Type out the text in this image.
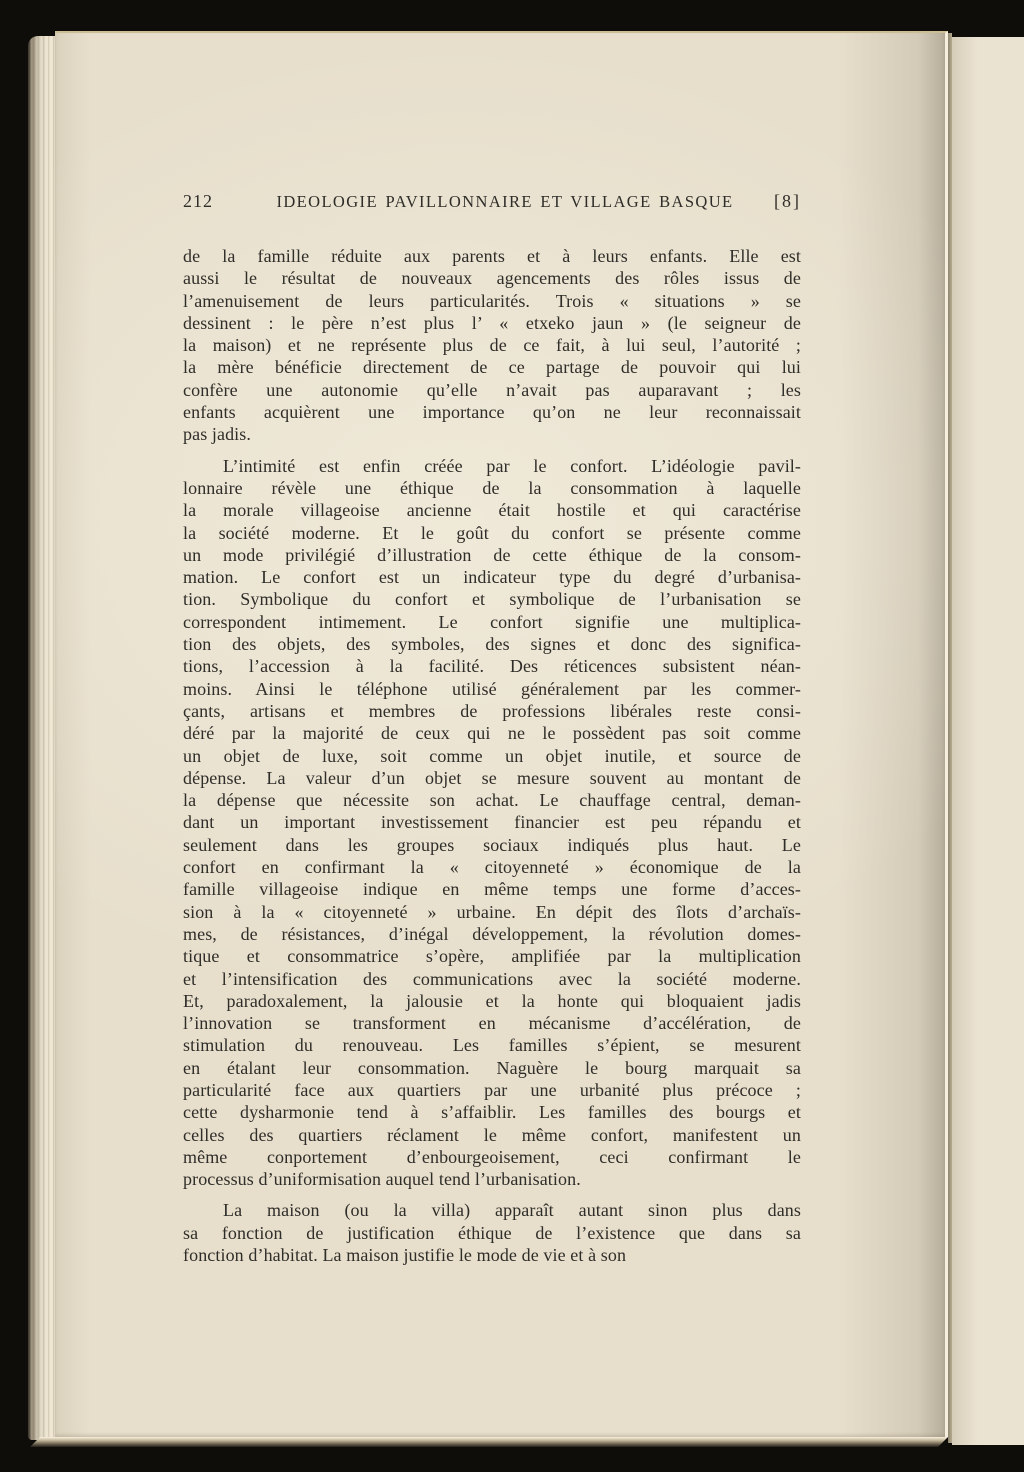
212	IDEOLOGIE PAVILLONNAIRE ET VILLAGE BASQUE	[8]
de la famille réduite aux parents et à leurs enfants. Elle est
aussi le résultat de nouveaux agencements des rôles issus de
l’amenuisement de leurs particularités. Trois « situations » se
dessinent : le père n’est plus l’ « etxeko jaun » (le seigneur de
la maison) et ne représente plus de ce fait, à lui seul, l’autorité ;
la mère bénéficie directement de ce partage de pouvoir qui lui
confère une autonomie qu’elle n’avait pas auparavant ; les
enfants acquièrent une importance qu’on ne leur reconnaissait
pas jadis.
L’intimité est enfin créée par le confort. L’idéologie pavil-
lonnaire révèle une éthique de la consommation à laquelle
la morale villageoise ancienne était hostile et qui caractérise
la société moderne. Et le goût du confort se présente comme
un mode privilégié d’illustration de cette éthique de la consom-
mation. Le confort est un indicateur type du degré d’urbanisa-
tion. Symbolique du confort et symbolique de l’urbanisation se
correspondent intimement. Le confort signifie une multiplica-
tion des objets, des symboles, des signes et donc des significa-
tions, l’accession à la facilité. Des réticences subsistent néan-
moins. Ainsi le téléphone utilisé généralement par les commer-
çants, artisans et membres de professions libérales reste consi-
déré par la majorité de ceux qui ne le possèdent pas soit comme
un objet de luxe, soit comme un objet inutile, et source de
dépense. La valeur d’un objet se mesure souvent au montant de
la dépense que nécessite son achat. Le chauffage central, deman-
dant un important investissement financier est peu répandu et
seulement dans les groupes sociaux indiqués plus haut. Le
confort en confirmant la « citoyenneté » économique de la
famille villageoise indique en même temps une forme d’acces-
sion à la « citoyenneté » urbaine. En dépit des îlots d’archaïs-
mes, de résistances, d’inégal développement, la révolution domes-
tique et consommatrice s’opère, amplifiée par la multiplication
et l’intensification des communications avec la société moderne.
Et, paradoxalement, la jalousie et la honte qui bloquaient jadis
l’innovation se transforment en mécanisme d’accélération, de
stimulation du renouveau. Les familles s’épient, se mesurent
en étalant leur consommation. Naguère le bourg marquait sa
particularité face aux quartiers par une urbanité plus précoce ;
cette dysharmonie tend à s’affaiblir. Les familles des bourgs et
celles des quartiers réclament le même confort, manifestent un
même conportement d’enbourgeoisement, ceci confirmant le
processus d’uniformisation auquel tend l’urbanisation.
La maison (ou la villa) apparaît autant sinon plus dans
sa fonction de justification éthique de l’existence que dans sa
fonction d’habitat. La maison justifie le mode de vie et à son
